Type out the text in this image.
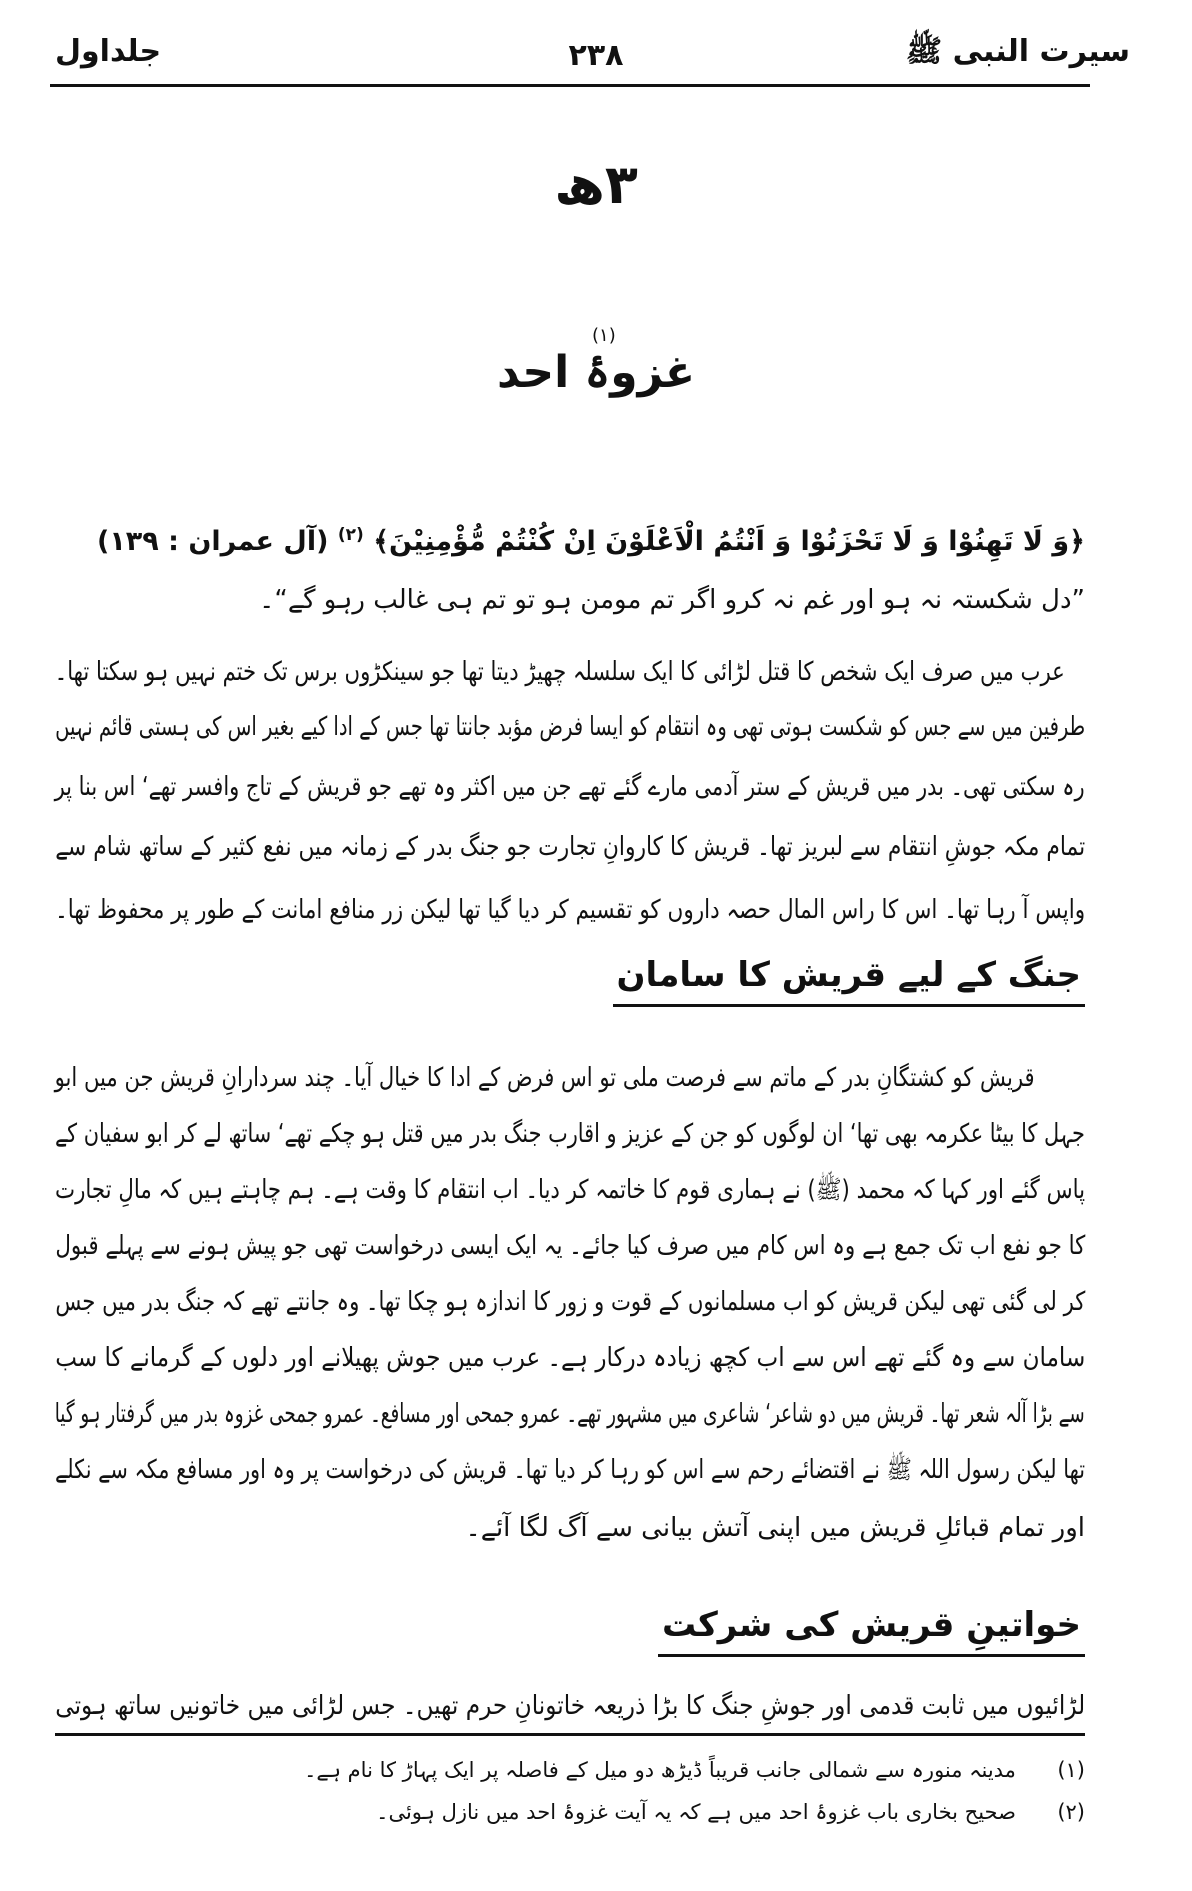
سیرت النبی ﷺ
۲۳۸
جلداول
۳ھ
غزوۂ احد
(۱)
﴿وَ لَا تَهِنُوْا وَ لَا تَحْزَنُوْا وَ اَنْتُمُ الْاَعْلَوْنَ اِنْ كُنْتُمْ مُّؤْمِنِيْنَ﴾ $^{(۲)}$ (آل عمران : ۱۳۹)
”دل شکستہ نہ ہو اور غم نہ کرو اگر تم مومن ہو تو تم ہی غالب رہو گے“۔
عرب میں صرف ایک شخص کا قتل لڑائی کا ایک سلسلہ چھیڑ دیتا تھا جو سینکڑوں برس تک ختم نہیں ہو سکتا تھا۔
طرفین میں سے جس کو شکست ہوتی تھی وہ انتقام کو ایسا فرض مؤبد جانتا تھا جس کے ادا کیے بغیر اس کی ہستی قائم نہیں
رہ سکتی تھی۔ بدر میں قریش کے ستر آدمی مارے گئے تھے جن میں اکثر وہ تھے جو قریش کے تاج وافسر تھے‘ اس بنا پر
تمام مکہ جوشِ انتقام سے لبریز تھا۔ قریش کا کاروانِ تجارت جو جنگ بدر کے زمانہ میں نفع کثیر کے ساتھ شام سے
واپس آ رہا تھا۔ اس کا راس المال حصہ داروں کو تقسیم کر دیا گیا تھا لیکن زر منافع امانت کے طور پر محفوظ تھا۔
جنگ کے لیے قریش کا سامان
قریش کو کشتگانِ بدر کے ماتم سے فرصت ملی تو اس فرض کے ادا کا خیال آیا۔ چند سردارانِ قریش جن میں ابو
جہل کا بیٹا عکرمہ بھی تھا‘ ان لوگوں کو جن کے عزیز و اقارب جنگ بدر میں قتل ہو چکے تھے‘ ساتھ لے کر ابو سفیان کے
پاس گئے اور کہا کہ محمد (ﷺ) نے ہماری قوم کا خاتمہ کر دیا۔ اب انتقام کا وقت ہے۔ ہم چاہتے ہیں کہ مالِ تجارت
کا جو نفع اب تک جمع ہے وہ اس کام میں صرف کیا جائے۔ یہ ایک ایسی درخواست تھی جو پیش ہونے سے پہلے قبول
کر لی گئی تھی لیکن قریش کو اب مسلمانوں کے قوت و زور کا اندازہ ہو چکا تھا۔ وہ جانتے تھے کہ جنگ بدر میں جس
سامان سے وہ گئے تھے اس سے اب کچھ زیادہ درکار ہے۔ عرب میں جوش پھیلانے اور دلوں کے گرمانے کا سب
سے بڑا آلہ شعر تھا۔ قریش میں دو شاعر‘ شاعری میں مشہور تھے۔ عمرو جمحی اور مسافع۔ عمرو جمحی غزوہ بدر میں گرفتار ہو گیا
تھا لیکن رسول اللہ ﷺ نے اقتضائے رحم سے اس کو رہا کر دیا تھا۔ قریش کی درخواست پر وہ اور مسافع مکہ سے نکلے
اور تمام قبائلِ قریش میں اپنی آتش بیانی سے آگ لگا آئے۔
خواتینِ قریش کی شرکت
لڑائیوں میں ثابت قدمی اور جوشِ جنگ کا بڑا ذریعہ خاتونانِ حرم تھیں۔ جس لڑائی میں خاتونیں ساتھ ہوتی
(۱)  مدینہ منورہ سے شمالی جانب قریباً ڈیڑھ دو میل کے فاصلہ پر ایک پہاڑ کا نام ہے۔
(۲)  صحیح بخاری باب غزوۂ احد میں ہے کہ یہ آیت غزوۂ احد میں نازل ہوئی۔
